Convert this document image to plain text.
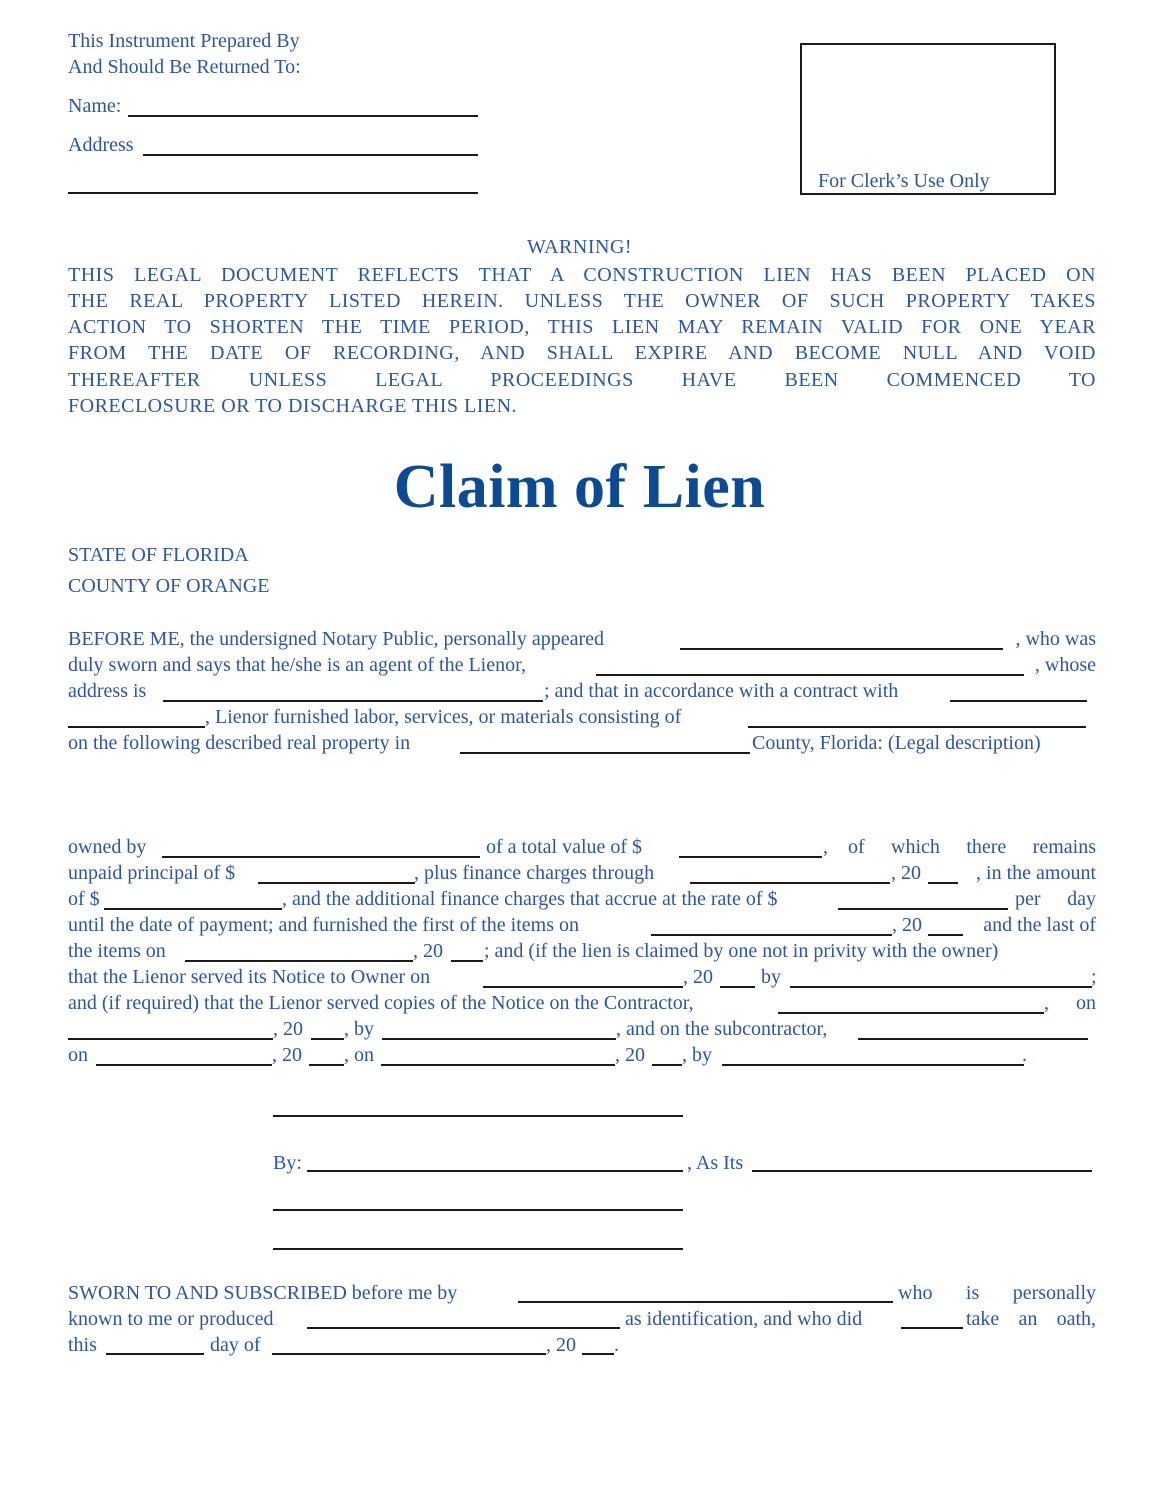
This Instrument Prepared By
And Should Be Returned To:
Name:
Address
For Clerk’s Use Only
WARNING!
THIS LEGAL DOCUMENT REFLECTS THAT A CONSTRUCTION LIEN HAS BEEN PLACED ON
THE REAL PROPERTY LISTED HEREIN. UNLESS THE OWNER OF SUCH PROPERTY TAKES
ACTION TO SHORTEN THE TIME PERIOD, THIS LIEN MAY REMAIN VALID FOR ONE YEAR
FROM THE DATE OF RECORDING, AND SHALL EXPIRE AND BECOME NULL AND VOID
THEREAFTER UNLESS LEGAL PROCEEDINGS HAVE BEEN COMMENCED TO
FORECLOSURE OR TO DISCHARGE THIS LIEN.
Claim of Lien
STATE OF FLORIDA
COUNTY OF ORANGE
BEFORE ME, the undersigned Notary Public, personally appeared	, who was
duly sworn and says that he/she is an agent of the Lienor,	, whose
address is	; and that in accordance with a contract with
, Lienor furnished labor, services, or materials consisting of
on the following described real property in	County, Florida: (Legal description)
owned by	of a total value of $	, of which there remains
unpaid principal of $	, plus finance charges through	, 20	, in the amount
of $	, and the additional finance charges that accrue at the rate of $	per day
until the date of payment; and furnished the first of the items on	, 20	and the last of
the items on	, 20 ; and (if the lien is claimed by one not in privity with the owner)
that the Lienor served its Notice to Owner on	, 20 by	;
and (if required) that the Lienor served copies of the Notice on the Contractor,	,	on
, 20 , by	, and on the subcontractor,
on	, 20 , on	, 20 , by	.
By:	, As Its
SWORN TO AND SUBSCRIBED before me by	who is personally
known to me or produced	as identification, and who did	take an oath,
this	day of	, 20 .
